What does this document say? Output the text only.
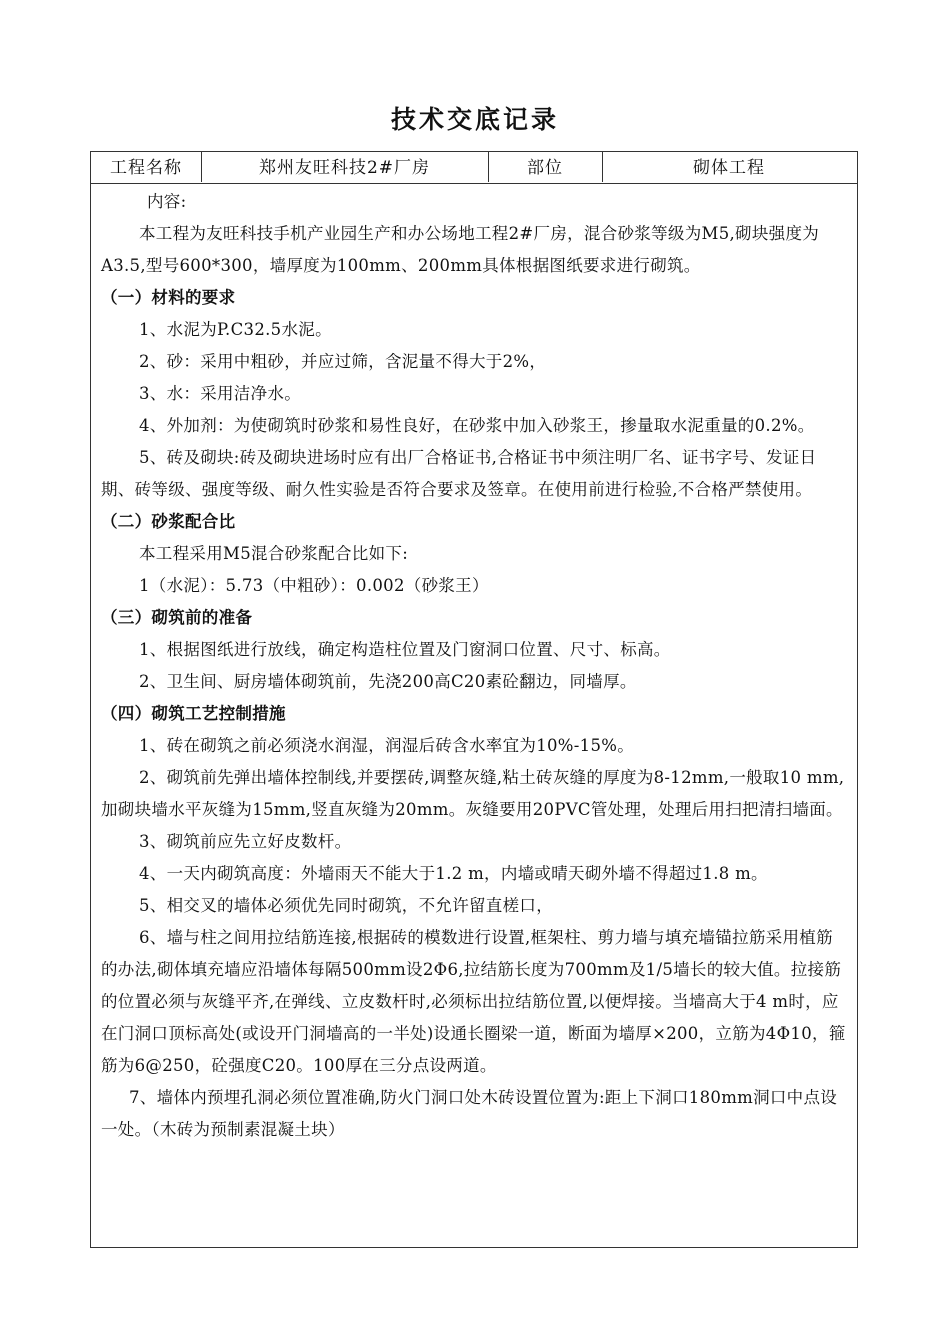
技术交底记录
工程名称	郑州友旺科技2#厂房	部位	砌体工程

内容:

本工程为友旺科技手机产业园生产和办公场地工程2#厂房，混合砂浆等级为M5,砌块强度为A3.5,型号600*300，墙厚度为100mm、200mm具体根据图纸要求进行砌筑。

（一）材料的要求

1、水泥为P.C32.5水泥。

2、砂：采用中粗砂，并应过筛，含泥量不得大于2%，

3、水：采用洁净水。

4、外加剂：为使砌筑时砂浆和易性良好，在砂浆中加入砂浆王，掺量取水泥重量的0.2%。

5、砖及砌块:砖及砌块进场时应有出厂合格证书,合格证书中须注明厂名、证书字号、发证日期、砖等级、强度等级、耐久性实验是否符合要求及签章。在使用前进行检验,不合格严禁使用。

（二）砂浆配合比

本工程采用M5混合砂浆配合比如下:

1（水泥）：5.73（中粗砂）：0.002（砂浆王）

（三）砌筑前的准备

1、根据图纸进行放线，确定构造柱位置及门窗洞口位置、尺寸、标高。

2、卫生间、厨房墙体砌筑前，先浇200高C20素砼翻边，同墙厚。

（四）砌筑工艺控制措施

1、砖在砌筑之前必须浇水润湿，润湿后砖含水率宜为10%-15%。

2、砌筑前先弹出墙体控制线,并要摆砖,调整灰缝,粘土砖灰缝的厚度为8-12mm,一般取10 mm,加砌块墙水平灰缝为15mm,竖直灰缝为20mm。灰缝要用20PVC管处理，处理后用扫把清扫墙面。

3、砌筑前应先立好皮数杆。

4、一天内砌筑高度：外墙雨天不能大于1.2 m，内墙或晴天砌外墙不得超过1.8 m。

5、相交叉的墙体必须优先同时砌筑，不允许留直槎口，

6、墙与柱之间用拉结筋连接,根据砖的模数进行设置,框架柱、剪力墙与填充墙锚拉筋采用植筋的办法,砌体填充墙应沿墙体每隔500mm设2Φ6,拉结筋长度为700mm及1/5墙长的较大值。拉接筋的位置必须与灰缝平齐,在弹线、立皮数杆时,必须标出拉结筋位置,以便焊接。当墙高大于4 m时，应在门洞口顶标高处(或设开门洞墙高的一半处)设通长圈梁一道，断面为墙厚×200，立筋为4Φ10，箍筋为6@250，砼强度C20。100厚在三分点设两道。

7、墙体内预埋孔洞必须位置准确,防火门洞口处木砖设置位置为:距上下洞口180mm洞口中点设一处。（木砖为预制素混凝土块）
